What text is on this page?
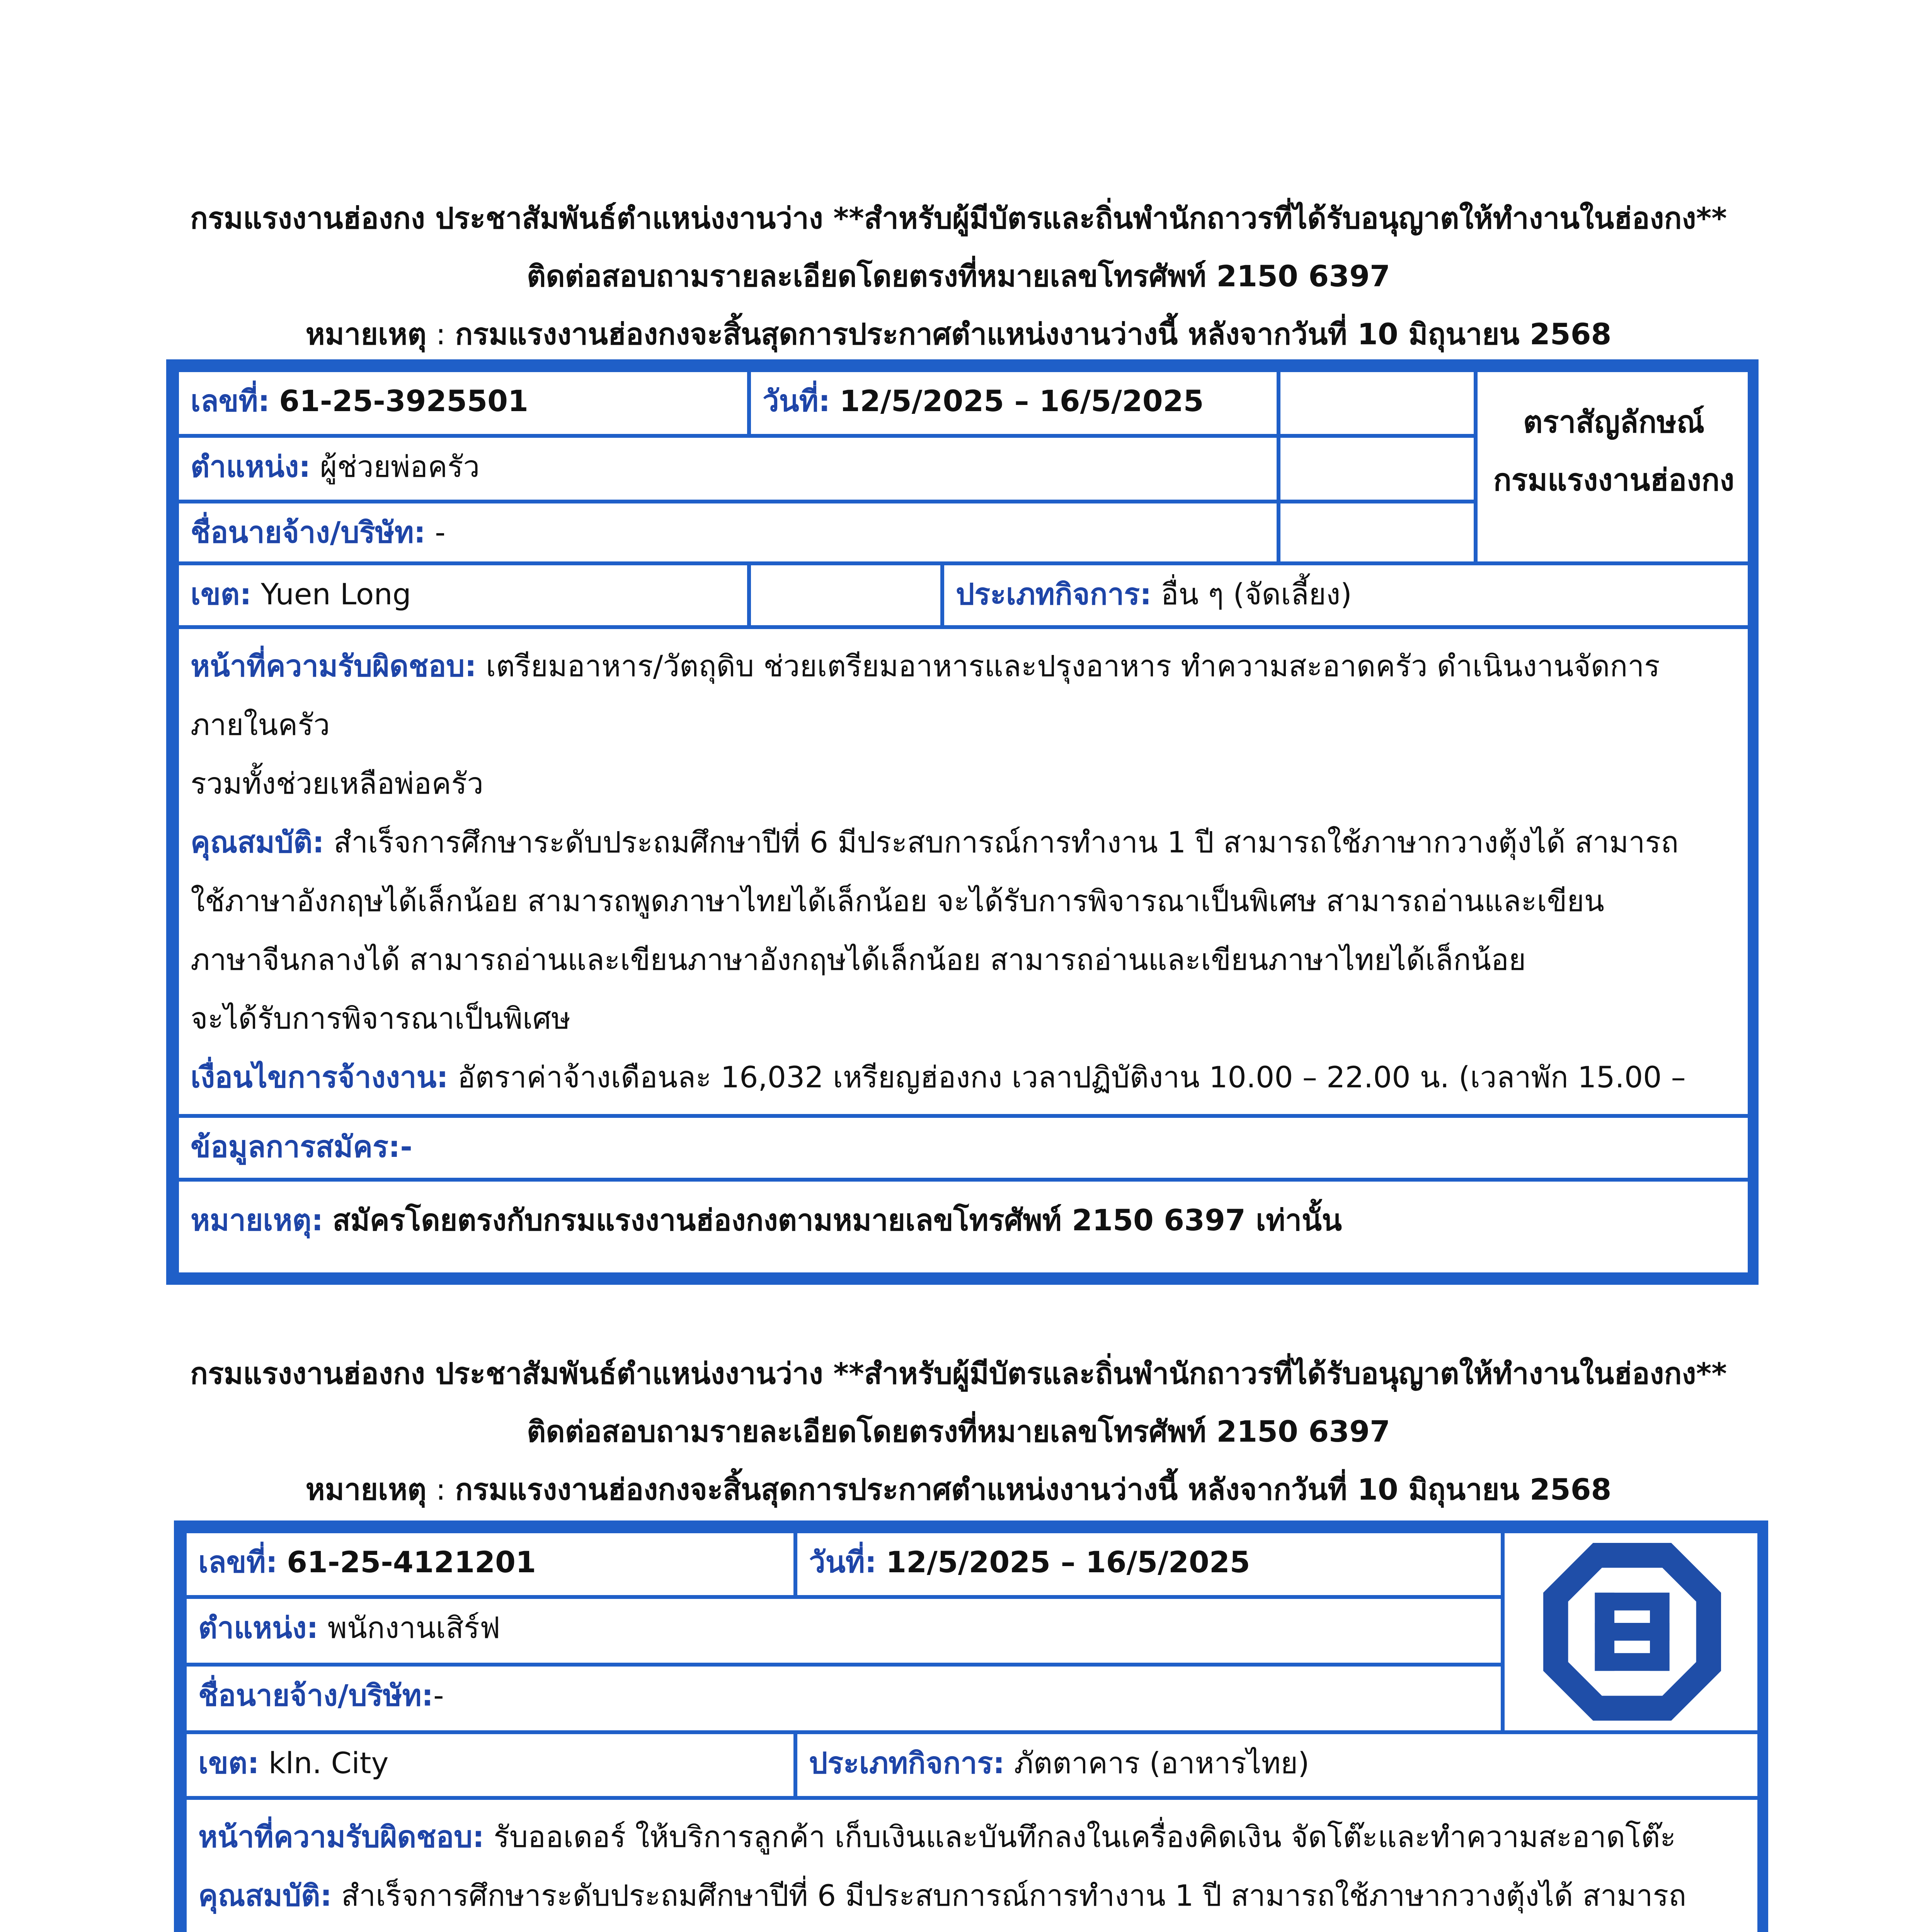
กรมแรงงานฮ่องกง ประชาสัมพันธ์ตำแหน่งงานว่าง **สำหรับผู้มีบัตรและถิ่นพำนักถาวรที่ได้รับอนุญาตให้ทำงานในฮ่องกง**
ติดต่อสอบถามรายละเอียดโดยตรงที่หมายเลขโทรศัพท์ 2150 6397
หมายเหตุ : กรมแรงงานฮ่องกงจะสิ้นสุดการประกาศตำแหน่งงานว่างนี้ หลังจากวันที่ 10 มิถุนายน 2568
เลขที่: 61-25-3925501	วันที่: 12/5/2025 – 16/5/2025
ตราสัญลักษณ์
กรมแรงงานฮ่องกง
ตำแหน่ง: ผู้ช่วยพ่อครัว
ชื่อนายจ้าง/บริษัท: -
เขต: Yuen Long	ประเภทกิจการ: อื่น ๆ (จัดเลี้ยง)

หน้าที่ความรับผิดชอบ: เตรียมอาหาร/วัตถุดิบ ช่วยเตรียมอาหารและปรุงอาหาร ทำความสะอาดครัว ดำเนินงานจัดการภายในครัว

รวมทั้งช่วยเหลือพ่อครัว

คุณสมบัติ: สำเร็จการศึกษาระดับประถมศึกษาปีที่ 6 มีประสบการณ์การทำงาน 1 ปี สามารถใช้ภาษากวางตุ้งได้ สามารถ

ใช้ภาษาอังกฤษได้เล็กน้อย สามารถพูดภาษาไทยได้เล็กน้อย จะได้รับการพิจารณาเป็นพิเศษ สามารถอ่านและเขียน

ภาษาจีนกลางได้ สามารถอ่านและเขียนภาษาอังกฤษได้เล็กน้อย สามารถอ่านและเขียนภาษาไทยได้เล็กน้อย

จะได้รับการพิจารณาเป็นพิเศษ

เงื่อนไขการจ้างงาน: อัตราค่าจ้างเดือนละ 16,032 เหรียญฮ่องกง เวลาปฏิบัติงาน 10.00 – 22.00 น. (เวลาพัก 15.00 –

ข้อมูลการสมัคร:-
หมายเหตุ: สมัครโดยตรงกับกรมแรงงานฮ่องกงตามหมายเลขโทรศัพท์ 2150 6397 เท่านั้น
กรมแรงงานฮ่องกง ประชาสัมพันธ์ตำแหน่งงานว่าง **สำหรับผู้มีบัตรและถิ่นพำนักถาวรที่ได้รับอนุญาตให้ทำงานในฮ่องกง**
ติดต่อสอบถามรายละเอียดโดยตรงที่หมายเลขโทรศัพท์ 2150 6397
หมายเหตุ : กรมแรงงานฮ่องกงจะสิ้นสุดการประกาศตำแหน่งงานว่างนี้ หลังจากวันที่ 10 มิถุนายน 2568
เลขที่: 61-25-4121201	วันที่: 12/5/2025 – 16/5/2025
ตำแหน่ง: พนักงานเสิร์ฟ
ชื่อนายจ้าง/บริษัท:-
เขต: kln. City	ประเภทกิจการ: ภัตตาคาร (อาหารไทย)

หน้าที่ความรับผิดชอบ: รับออเดอร์ ให้บริการลูกค้า เก็บเงินและบันทึกลงในเครื่องคิดเงิน จัดโต๊ะและทำความสะอาดโต๊ะ

คุณสมบัติ: สำเร็จการศึกษาระดับประถมศึกษาปีที่ 6 มีประสบการณ์การทำงาน 1 ปี สามารถใช้ภาษากวางตุ้งได้ สามารถ
